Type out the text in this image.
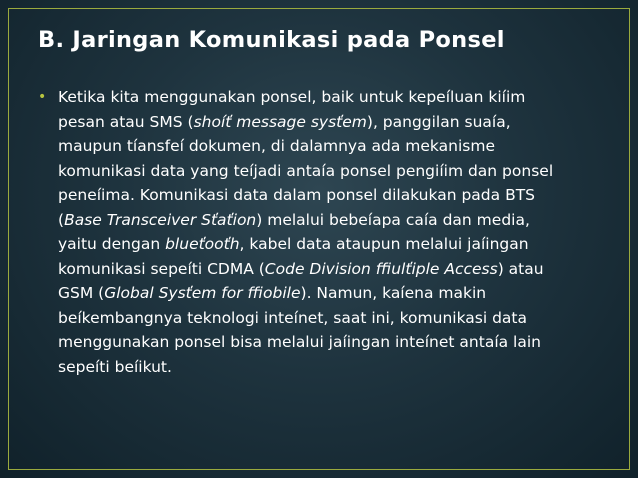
B. Jaringan Komunikasi pada Ponsel
• Ketika kita menggunakan ponsel, baik untuk kepeíluan kiíim
pesan atau SMS (shoíť message sysťem), panggilan suaía,
maupun tíansfeí dokumen, di dalamnya ada mekanisme
komunikasi data yang teíjadi antaía ponsel pengiíim dan ponsel
peneíima. Komunikasi data dalam ponsel dilakukan pada BTS
(Base Transceiver Sťaťion) melalui bebeíapa caía dan media,
yaitu dengan blueťooťh, kabel data ataupun melalui jaíingan
komunikasi sepeíti CDMA (Code Division ffiulťiple Access) atau
GSM (Global Sysťem for ffiobile). Namun, kaíena makin
beíkembangnya teknologi inteínet, saat ini, komunikasi data
menggunakan ponsel bisa melalui jaíingan inteínet antaía lain
sepeíti beíikut.
